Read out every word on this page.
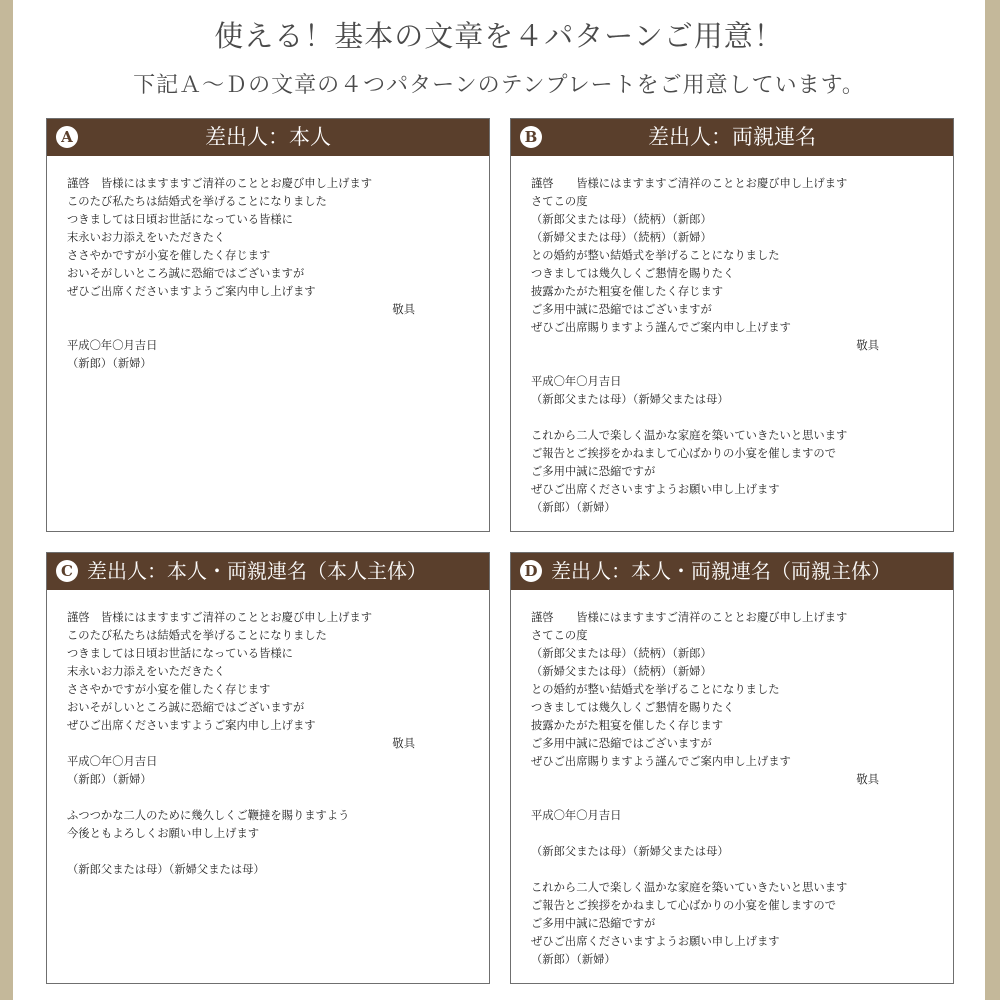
使える！基本の文章を４パターンご用意！
下記Ａ～Ｄの文章の４つパターンのテンプレートをご用意しています。
A	差出人：本人
謹啓　皆様にはますますご清祥のこととお慶び申し上げます
このたび私たちは結婚式を挙げることになりました
つきましては日頃お世話になっている皆様に
末永いお力添えをいただきたく
ささやかですが小宴を催したく存じます
おいそがしいところ誠に恐縮ではございますが
ぜひご出席くださいますようご案内申し上げます
敬具
平成〇年〇月吉日
（新郎）（新婦）
B	差出人：両親連名
謹啓　　皆様にはますますご清祥のこととお慶び申し上げます
さてこの度
（新郎父または母）（続柄）（新郎）
（新婦父または母）（続柄）（新婦）
との婚約が整い結婚式を挙げることになりました
つきましては幾久しくご懇情を賜りたく
披露かたがた粗宴を催したく存じます
ご多用中誠に恐縮ではございますが
ぜひご出席賜りますよう謹んでご案内申し上げます
敬具
平成〇年〇月吉日
（新郎父または母）（新婦父または母）
これから二人で楽しく温かな家庭を築いていきたいと思います
ご報告とご挨拶をかねまして心ばかりの小宴を催しますので
ご多用中誠に恐縮ですが
ぜひご出席くださいますようお願い申し上げます
（新郎）（新婦）
C 差出人：本人・両親連名（本人主体）
謹啓　皆様にはますますご清祥のこととお慶び申し上げます
このたび私たちは結婚式を挙げることになりました
つきましては日頃お世話になっている皆様に
末永いお力添えをいただきたく
ささやかですが小宴を催したく存じます
おいそがしいところ誠に恐縮ではございますが
ぜひご出席くださいますようご案内申し上げます
敬具
平成〇年〇月吉日
（新郎）（新婦）
ふつつかな二人のために幾久しくご鞭撻を賜りますよう
今後ともよろしくお願い申し上げます
（新郎父または母）（新婦父または母）
D 差出人：本人・両親連名（両親主体）
謹啓　　皆様にはますますご清祥のこととお慶び申し上げます
さてこの度
（新郎父または母）（続柄）（新郎）
（新婦父または母）（続柄）（新婦）
との婚約が整い結婚式を挙げることになりました
つきましては幾久しくご懇情を賜りたく
披露かたがた粗宴を催したく存じます
ご多用中誠に恐縮ではございますが
ぜひご出席賜りますよう謹んでご案内申し上げます
敬具
平成〇年〇月吉日
（新郎父または母）（新婦父または母）
これから二人で楽しく温かな家庭を築いていきたいと思います
ご報告とご挨拶をかねまして心ばかりの小宴を催しますので
ご多用中誠に恐縮ですが
ぜひご出席くださいますようお願い申し上げます
（新郎）（新婦）
